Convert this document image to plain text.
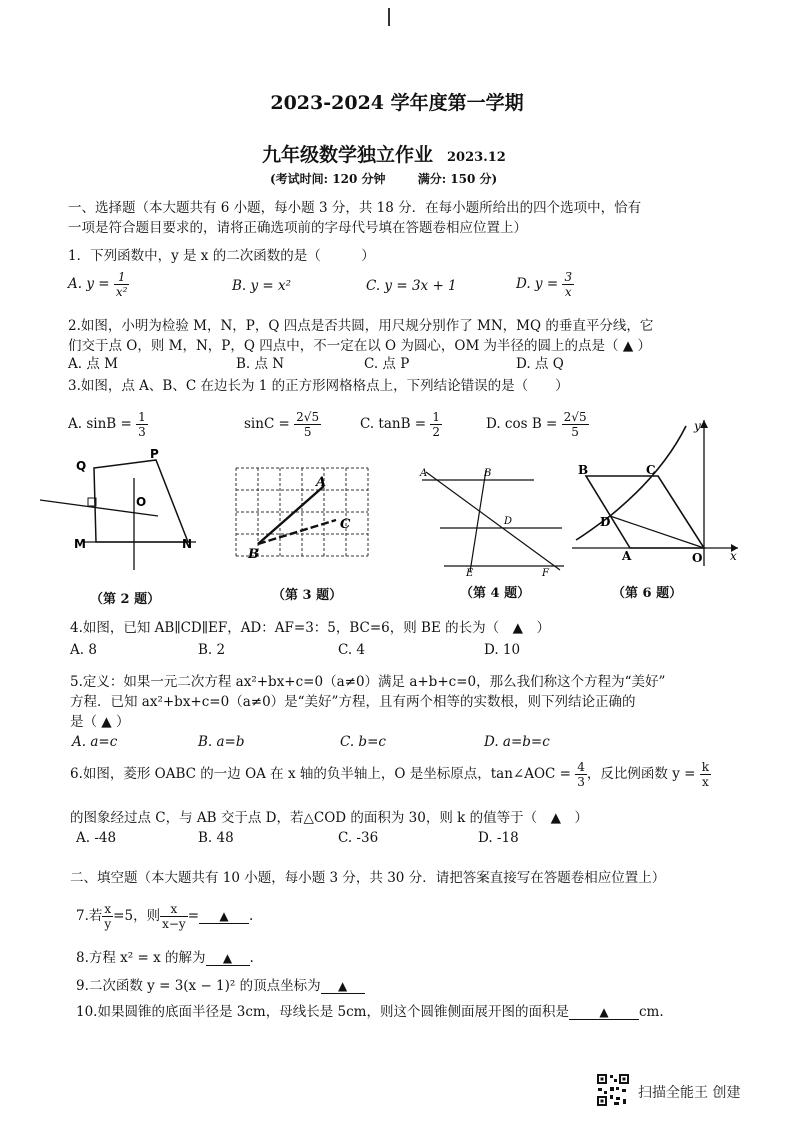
2023-2024 学年度第一学期
九年级数学独立作业 2023.12
(考试时间: 120 分钟	满分: 150 分)
一、选择题（本大题共有 6 小题，每小题 3 分，共 18 分．在每小题所给出的四个选项中，恰有
一项是符合题目要求的，请将正确选项前的字母代号填在答题卷相应位置上）
1．下列函数中，y 是 x 的二次函数的是（　　　）
A. $y = \frac{1}{\text{x²}}$	B. y = x²	C. y = 3x + 1	D. $y = \frac{3}{x}$
2.如图，小明为检验 M，N，P，Q 四点是否共圆，用尺规分别作了 MN，MQ 的垂直平分线，它
们交于点 O，则 M，N，P，Q 四点中，不一定在以 O 为圆心，OM 为半径的圆上的点是（ ▲ ）
A. 点 M	B. 点 N	C. 点 P	D. 点 Q
3.如图，点 A、B、C 在边长为 1 的正方形网格格点上，下列结论错误的是（　　）
A. $\sin B = \frac{1}{3}$	$\sin C = \frac{2√5}{5}$	C. $\tan B = \frac{1}{2}$	D. $\cos B = \frac{2√5}{5}$
Q
P
O
M	N
（第 2 题）
A
B
C
（第 3 题）
A	B
D
E	F
（第 4 题）
y
B	C
D
A	O x
（第 6 题）
4.如图，已知 AB∥CD∥EF，AD：AF=3：5，BC=6，则 BE 的长为（　▲　）
A. 8	B. 2	C. 4	D. 10
5.定义：如果一元二次方程 ax²+bx+c=0（a≠0）满足 a+b+c=0，那么我们称这个方程为“美好”
方程．已知 ax²+bx+c=0（a≠0）是“美好”方程，且有两个相等的实数根，则下列结论正确的
是（ ▲ ）
A. a=c	B. a=b	C. b=c	D. a=b=c
6.如图，菱形 OABC 的一边 OA 在 x 轴的负半轴上，O 是坐标原点，tan∠AOC = $\frac{4}{3}$ ，反比例函数 $y = \frac{k}{x}$
的图象经过点 C，与 AB 交于点 D，若△COD 的面积为 30，则 k 的值等于（　▲　）
A. -48	B. 48	C. -36	D. -18
二、填空题（本大题共有 10 小题，每小题 3 分，共 30 分．请把答案直接写在答题卷相应位置上）
7.若 $\frac{x}{y} =5$，则 $\frac{x}{x-y}$ = ▲ .
8.方程 x² = x 的解为 ▲ .
9.二次函数 y = 3(x − 1)² 的顶点坐标为 ▲
10.如果圆锥的底面半径是 3cm，母线长是 5cm，则这个圆锥侧面展开图的面积是	▲ cm.
扫描全能王 创建
